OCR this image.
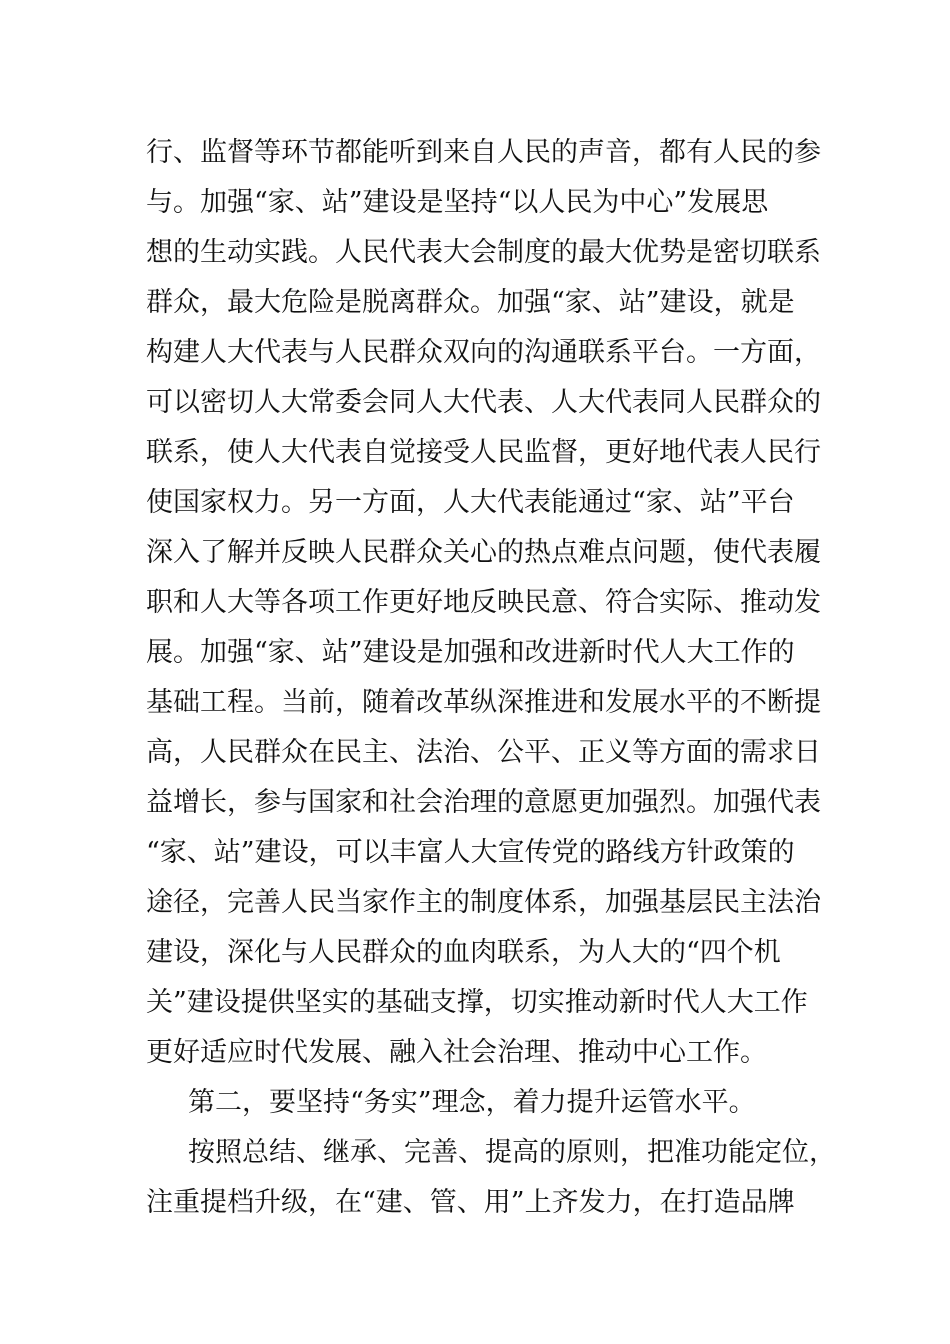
行、监督等环节都能听到来自人民的声音，都有人民的参
与。加强“家、站”建设是坚持“以人民为中心”发展思
想的生动实践。人民代表大会制度的最大优势是密切联系
群众，最大危险是脱离群众。加强“家、站”建设，就是
构建人大代表与人民群众双向的沟通联系平台。一方面，
可以密切人大常委会同人大代表、人大代表同人民群众的
联系，使人大代表自觉接受人民监督，更好地代表人民行
使国家权力。另一方面，人大代表能通过“家、站”平台
深入了解并反映人民群众关心的热点难点问题，使代表履
职和人大等各项工作更好地反映民意、符合实际、推动发
展。加强“家、站”建设是加强和改进新时代人大工作的
基础工程。当前，随着改革纵深推进和发展水平的不断提
高，人民群众在民主、法治、公平、正义等方面的需求日
益增长，参与国家和社会治理的意愿更加强烈。加强代表
“家、站”建设，可以丰富人大宣传党的路线方针政策的
途径，完善人民当家作主的制度体系，加强基层民主法治
建设，深化与人民群众的血肉联系，为人大的“四个机
关”建设提供坚实的基础支撑，切实推动新时代人大工作
更好适应时代发展、融入社会治理、推动中心工作。
第二，要坚持“务实”理念，着力提升运管水平。
按照总结、继承、完善、提高的原则，把准功能定位，
注重提档升级，在“建、管、用”上齐发力，在打造品牌
